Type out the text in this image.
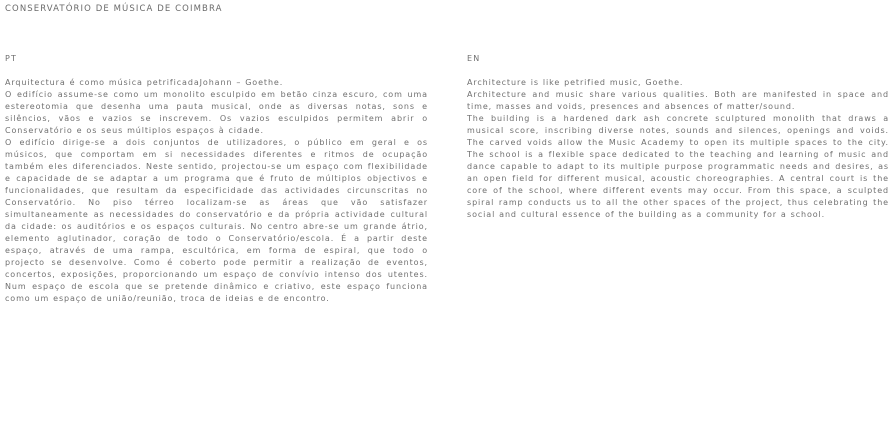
CONSERVATÓRIO DE MÚSICA DE COIMBRA
PT

Arquitectura é como música petrificadaJohann – Goethe.

O edifício assume-se como um monolito esculpido em betão cinza escuro, com uma estereotomia que desenha uma pauta musical, onde as diversas notas, sons e silêncios, vãos e vazios se inscrevem. Os vazios esculpidos permitem abrir o Conservatório e os seus múltiplos espaços à cidade.

O edifício dirige-se a dois conjuntos de utilizadores, o público em geral e os músicos, que comportam em si necessidades diferentes e ritmos de ocupação também eles diferenciados. Neste sentido, projectou-se um espaço com flexibilidade e capacidade de se adaptar a um programa que é fruto de múltiplos objectivos e funcionalidades, que resultam da especificidade das actividades circunscritas no Conservatório. No piso térreo localizam-se as áreas que vão satisfazer simultaneamente as necessidades do conservatório e da própria actividade cultural da cidade: os auditórios e os espaços culturais. No centro abre-se um grande átrio, elemento aglutinador, coração de todo o Conservatório/escola. É a partir deste espaço, através de uma rampa, escultórica, em forma de espiral, que todo o projecto se desenvolve. Como é coberto pode permitir a realização de eventos, concertos, exposições, proporcionando um espaço de convívio intenso dos utentes. Num espaço de escola que se pretende dinâmico e criativo, este espaço funciona como um espaço de união/reunião, troca de ideias e de encontro.

EN

Architecture is like petrified music, Goethe.

Architecture and music share various qualities. Both are manifested in space and time, masses and voids, presences and absences of matter/sound.

The building is a hardened dark ash concrete sculptured monolith that draws a musical score, inscribing diverse notes, sounds and silences, openings and voids. The carved voids allow the Music Academy to open its multiple spaces to the city. The school is a flexible space dedicated to the teaching and learning of music and dance capable to adapt to its multiple purpose programmatic needs and desires, as an open field for different musical, acoustic choreographies. A central court is the core of the school, where different events may occur. From this space, a sculpted spiral ramp conducts us to all the other spaces of the project, thus celebrating the social and cultural essence of the building as a community for a school.
